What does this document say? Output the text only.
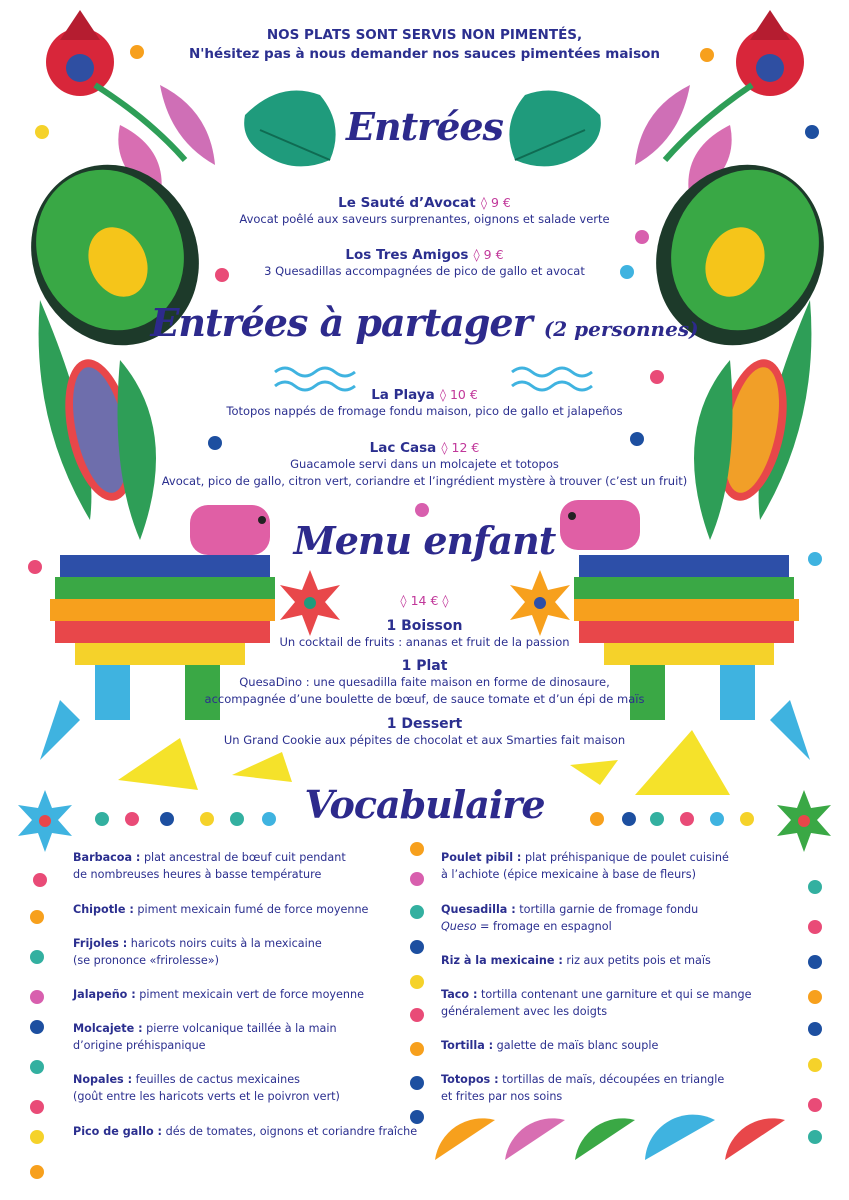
NOS PLATS SONT SERVIS NON PIMENTÉS,
N'hésitez pas à nous demander nos sauces pimentées maison
Entrées
Le Sauté d’Avocat ◊ 9 €
Avocat poêlé aux saveurs surprenantes, oignons et salade verte
Los Tres Amigos ◊ 9 €
3 Quesadillas accompagnées de pico de gallo et avocat
Entrées à partager (2 personnes)
La Playa ◊ 10 €
Totopos nappés de fromage fondu maison, pico de gallo et jalapeños
Lac Casa ◊ 12 €
Guacamole servi dans un molcajete et totopos
Avocat, pico de gallo, citron vert, coriandre et l’ingrédient mystère à trouver (c’est un fruit)
Menu enfant
◊ 14 € ◊
1 Boisson
Un cocktail de fruits : ananas et fruit de la passion
1 Plat
QuesaDino : une quesadilla faite maison en forme de dinosaure,
accompagnée d’une boulette de bœuf, de sauce tomate et d’un épi de maïs
1 Dessert
Un Grand Cookie aux pépites de chocolat et aux Smarties fait maison
Vocabulaire
Barbacoa : plat ancestral de bœuf cuit pendant
de nombreuses heures à basse température
Chipotle : piment mexicain fumé de force moyenne
Frijoles : haricots noirs cuits à la mexicaine
(se prononce «frirolesse»)
Jalapeño : piment mexicain vert de force moyenne
Molcajete : pierre volcanique taillée à la main
d’origine préhispanique
Nopales : feuilles de cactus mexicaines
(goût entre les haricots verts et le poivron vert)
Pico de gallo : dés de tomates, oignons et coriandre fraîche
Poulet pibil : plat préhispanique de poulet cuisiné
à l’achiote (épice mexicaine à base de fleurs)
Quesadilla : tortilla garnie de fromage fondu
Queso = fromage en espagnol
Riz à la mexicaine : riz aux petits pois et maïs
Taco : tortilla contenant une garniture et qui se mange
généralement avec les doigts
Tortilla : galette de maïs blanc souple
Totopos : tortillas de maïs, découpées en triangle
et frites par nos soins
